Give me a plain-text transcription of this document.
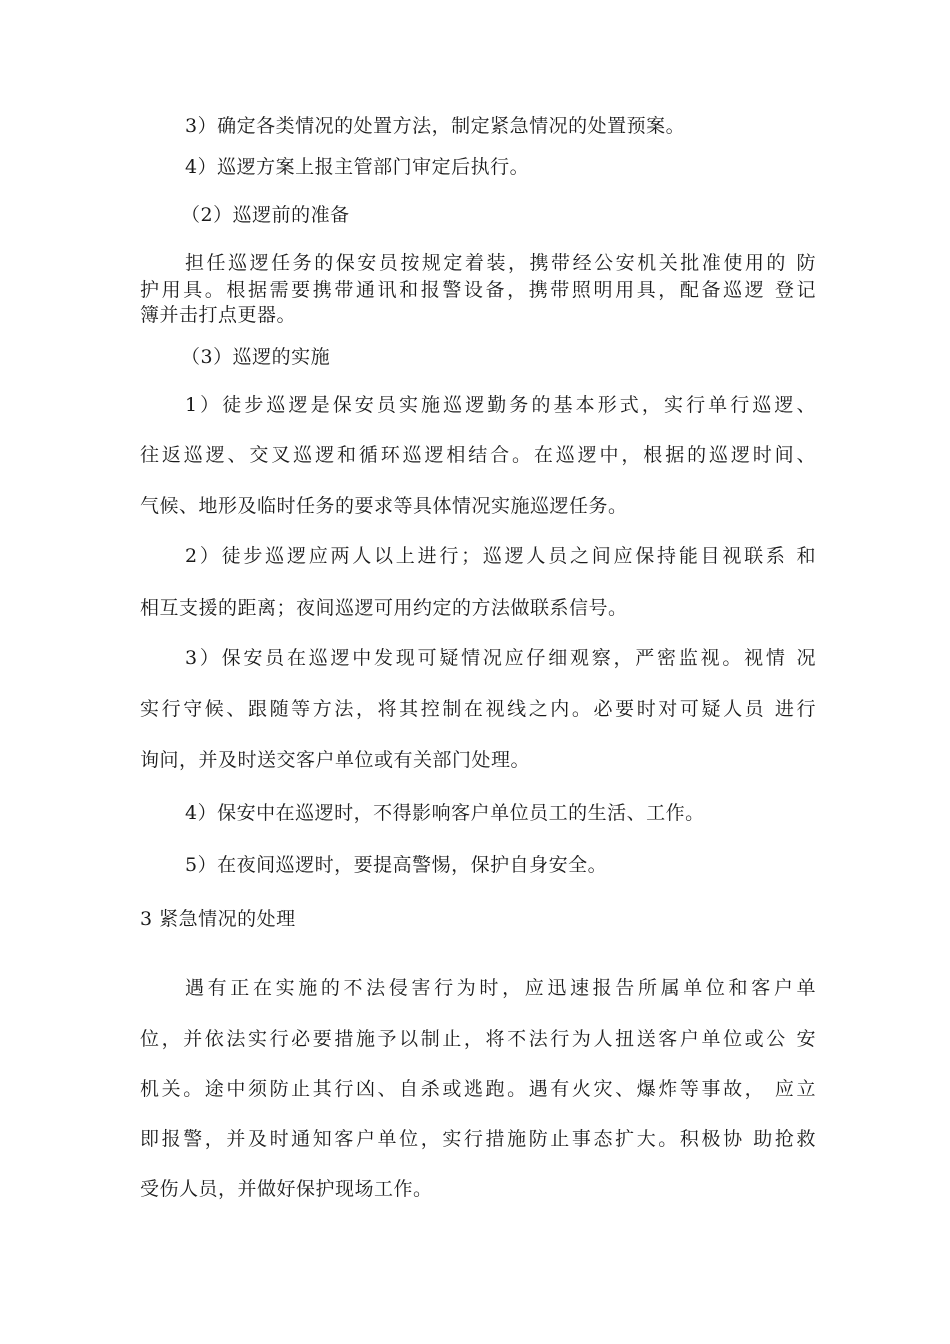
3）确定各类情况的处置方法，制定紧急情况的处置预案。
4）巡逻方案上报主管部门审定后执行。
（2）巡逻前的准备
担任巡逻任务的保安员按规定着装，携带经公安机关批准使用的 防
护用具。根据需要携带通讯和报警设备，携带照明用具，配备巡逻 登记
簿并击打点更器。
（3）巡逻的实施
1）徒步巡逻是保安员实施巡逻勤务的基本形式，实行单行巡逻、
往返巡逻、交叉巡逻和循环巡逻相结合。在巡逻中，根据的巡逻时间、
气候、地形及临时任务的要求等具体情况实施巡逻任务。
2）徒步巡逻应两人以上进行；巡逻人员之间应保持能目视联系 和
相互支援的距离；夜间巡逻可用约定的方法做联系信号。
3）保安员在巡逻中发现可疑情况应仔细观察，严密监视。视情 况
实行守候、跟随等方法，将其控制在视线之内。必要时对可疑人员 进行
询问，并及时送交客户单位或有关部门处理。
4）保安中在巡逻时，不得影响客户单位员工的生活、工作。
5）在夜间巡逻时，要提高警惕，保护自身安全。
3 紧急情况的处理
遇有正在实施的不法侵害行为时，应迅速报告所属单位和客户单
位，并依法实行必要措施予以制止，将不法行为人扭送客户单位或公 安
机关。途中须防止其行凶、自杀或逃跑。遇有火灾、爆炸等事故， 应立
即报警，并及时通知客户单位，实行措施防止事态扩大。积极协 助抢救
受伤人员，并做好保护现场工作。
